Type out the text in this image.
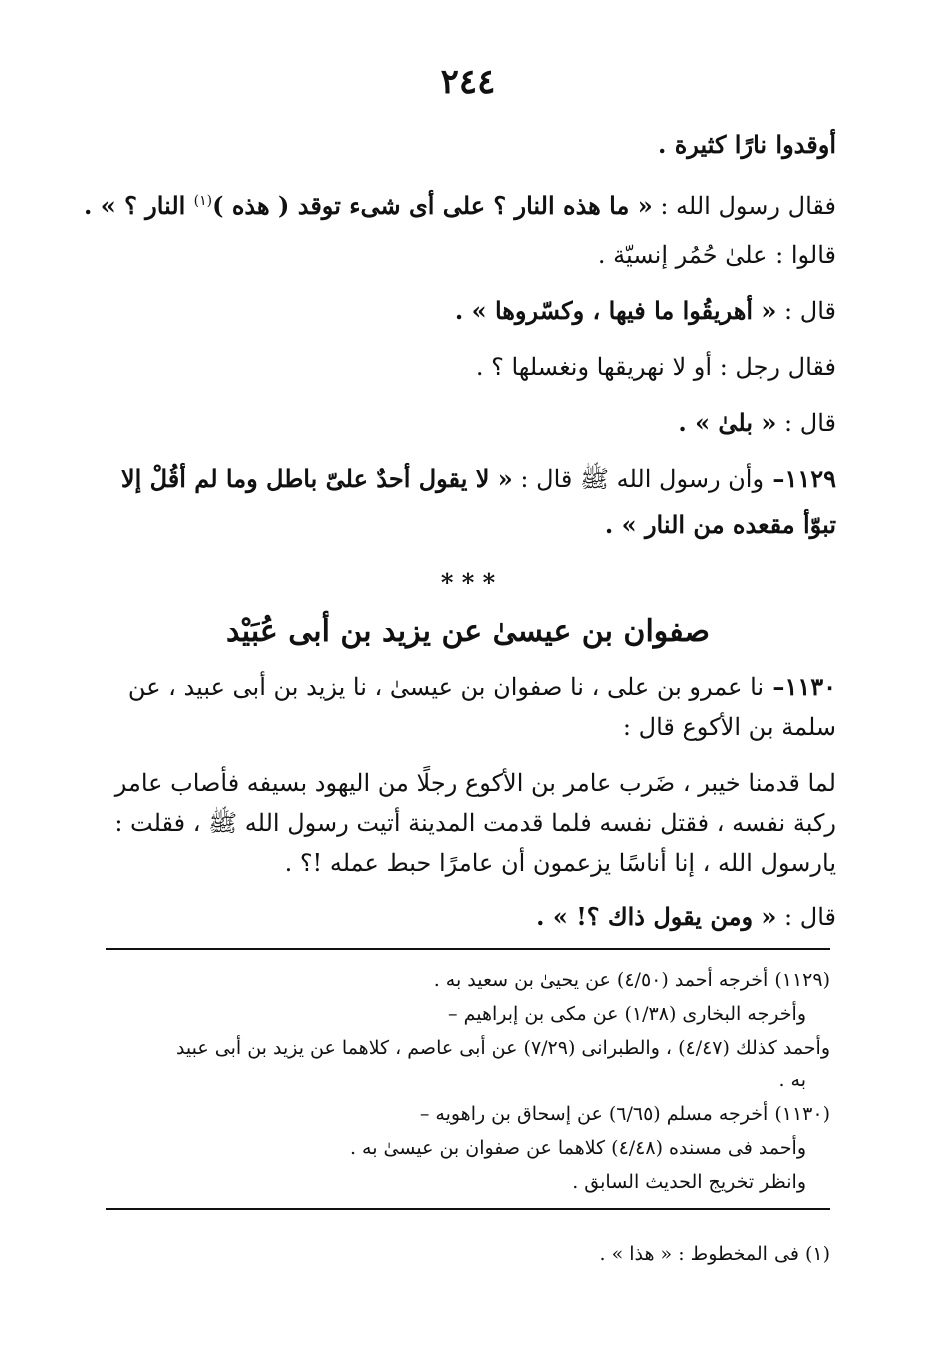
٢٤٤
أوقدوا نارًا كثيرة .
فقال رسول الله : « ما هذه النار ؟ على أى شىء توقد ( هذه )$^{(١)}$ النار ؟ » .
قالوا : علىٰ حُمُر إنسيّة .
قال : « أهريقُوا ما فيها ، وكسّروها » .
فقال رجل : أو لا نهريقها ونغسلها ؟ .
قال : « بلىٰ » .
١١٢٩– وأن رسول الله ﷺ قال : « لا يقول أحدٌ علىّ باطل وما لم أقُلْ إلا
تبوّأ مقعده من النار » .
* * *
صفوان بن عيسىٰ عن يزيد بن أبى عُبَيْد
١١٣٠– نا عمرو بن على ، نا صفوان بن عيسىٰ ، نا يزيد بن أبى عبيد ، عن
سلمة بن الأكوع قال :
لما قدمنا خيبر ، ضَرب عامر بن الأكوع رجلًا من اليهود بسيفه فأصاب عامر
ركبة نفسه ، فقتل نفسه فلما قدمت المدينة أتيت رسول الله ﷺ ، فقلت :
يارسول الله ، إنا أناسًا يزعمون أن عامرًا حبط عمله !؟ .
قال : « ومن يقول ذاك ؟! » .
(١١٢٩) أخرجه أحمد (٤/٥٠) عن يحيىٰ بن سعيد به .
وأخرجه البخارى (١/٣٨) عن مكى بن إبراهيم –
وأحمد كذلك (٤/٤٧) ، والطبرانى (٧/٢٩) عن أبى عاصم ، كلاهما عن يزيد بن أبى عبيد
به .
(١١٣٠) أخرجه مسلم (٦/٦٥) عن إسحاق بن راهويه –
وأحمد فى مسنده (٤/٤٨) كلاهما عن صفوان بن عيسىٰ به .
وانظر تخريج الحديث السابق .
(١) فى المخطوط : « هذا » .
